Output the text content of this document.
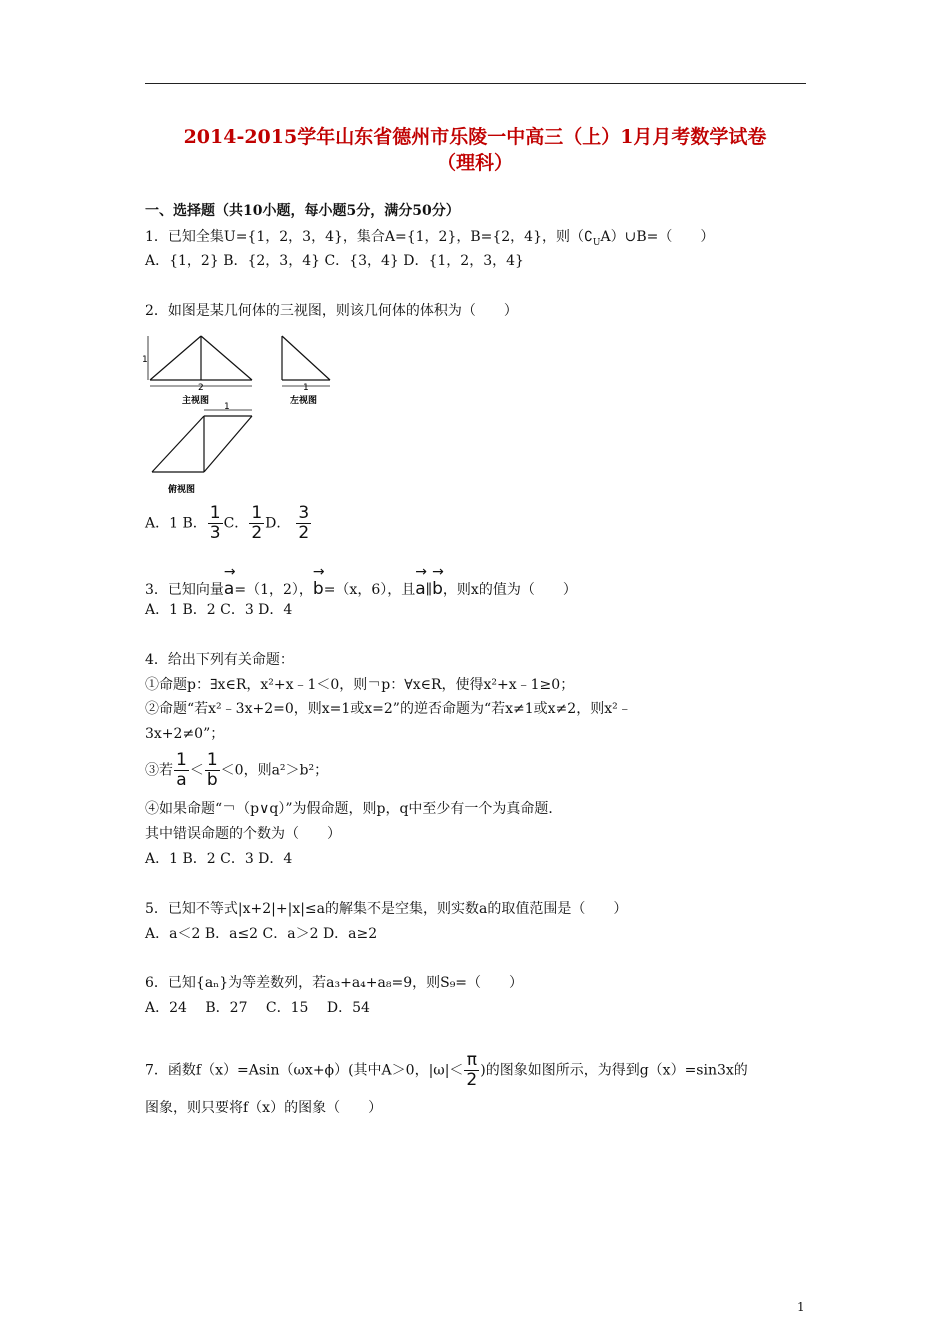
2014-2015学年山东省德州市乐陵一中高三（上）1月月考数学试卷
（理科）
一、选择题（共10小题，每小题5分，满分50分）
1．已知全集U={1，2，3，4}，集合A={1，2}，B={2，4}，则$(∁_UA)\cup B=$（　　）
A．{1，2} B．{2，3，4} C．{3，4} D．{1，2，3，4}
2．如图是某几何体的三视图，则该几何体的体积为（　　）
1
2
主视图
1
左视图
1
俯视图
A．1 B． $\frac{1}{3}$ C． $\frac{1}{2}$ D． $\frac{3}{2}$
3．已知向量→ a=（1，2），→ b=（x，6），且→ a∥→ b，则x的值为（　　）
A．1 B．2 C．3 D．4
4．给出下列有关命题：
①命题p：∃x∈R，x²+x﹣1＜0，则￢p：∀x∈R，使得x²+x﹣1≥0；
②命题“若x²﹣3x+2=0，则x=1或x=2”的逆否命题为“若x≠1或x≠2，则x²﹣
3x+2≠0”；
③若 $\frac{1}{a} < \frac{1}{b} <0$，则a²＞b²；
④如果命题“￢（p∨q）”为假命题，则p，q中至少有一个为真命题．
其中错误命题的个数为（　　）
A．1 B．2 C．3 D．4
5．已知不等式|x+2|+|x|≤a的解集不是空集，则实数a的取值范围是（　　）
A．a＜2 B．a≤2 C．a＞2 D．a≥2
6．已知{aₙ}为等差数列，若a₃+a₄+a₈=9，则S₉=（　　）
A．24　 B．27　 C．15　 D．54
7．函数f（x）=Asin（ωx+ϕ）(其中A＞0，$|\omega|< \frac{\pi}{2}$ )的图象如图所示，为得到g（x）=sin3x的
图象，则只要将f（x）的图象（　　）
1
